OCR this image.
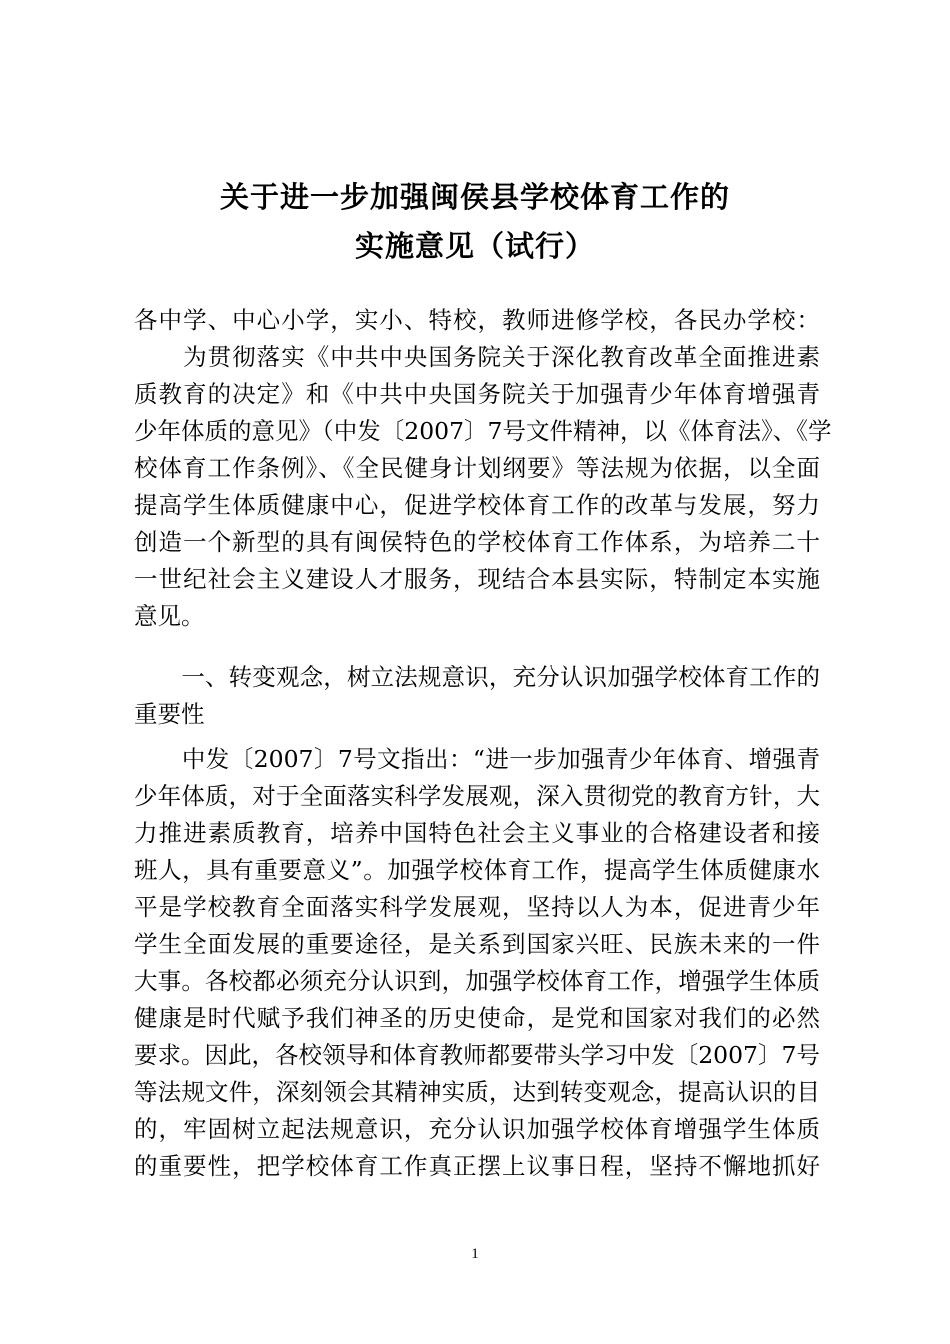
关于进一步加强闽侯县学校体育工作的
实施意见（试行）
各中学、中心小学，实小、特校，教师进修学校，各民办学校：
　　为贯彻落实《中共中央国务院关于深化教育改革全面推进素
质教育的决定》和《中共中央国务院关于加强青少年体育增强青
少年体质的意见》（中发〔2007〕7号文件精神，以《体育法》、《学
校体育工作条例》、《全民健身计划纲要》等法规为依据，以全面
提高学生体质健康中心，促进学校体育工作的改革与发展，努力
创造一个新型的具有闽侯特色的学校体育工作体系，为培养二十
一世纪社会主义建设人才服务，现结合本县实际，特制定本实施
意见。
　　一、转变观念，树立法规意识，充分认识加强学校体育工作的
重要性
　　中发〔2007〕7号文指出：“进一步加强青少年体育、增强青
少年体质，对于全面落实科学发展观，深入贯彻党的教育方针，大
力推进素质教育，培养中国特色社会主义事业的合格建设者和接
班人，具有重要意义”。加强学校体育工作，提高学生体质健康水
平是学校教育全面落实科学发展观，坚持以人为本，促进青少年
学生全面发展的重要途径，是关系到国家兴旺、民族未来的一件
大事。各校都必须充分认识到，加强学校体育工作，增强学生体质
健康是时代赋予我们神圣的历史使命，是党和国家对我们的必然
要求。因此，各校领导和体育教师都要带头学习中发〔2007〕7号
等法规文件，深刻领会其精神实质，达到转变观念，提高认识的目
的，牢固树立起法规意识，充分认识加强学校体育增强学生体质
的重要性，把学校体育工作真正摆上议事日程，坚持不懈地抓好
1
